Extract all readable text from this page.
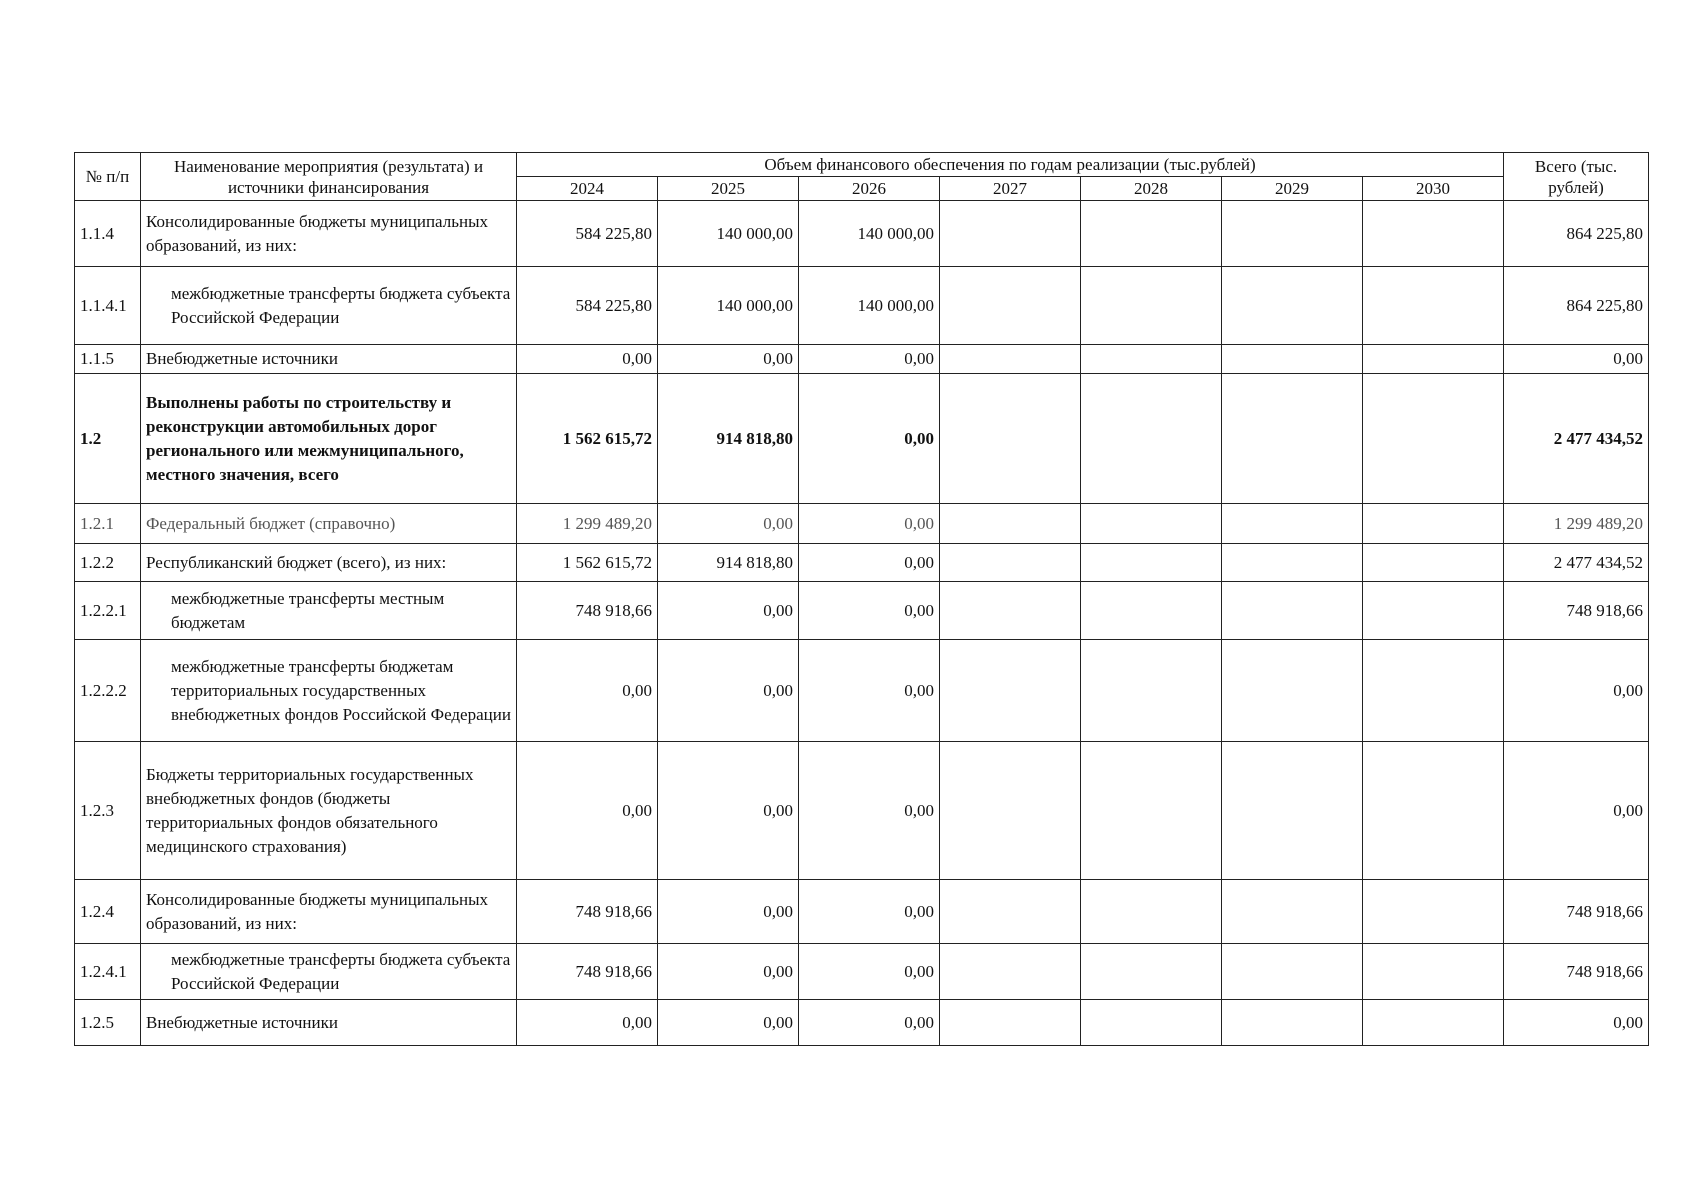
№ п/п	Наименование мероприятия (результата) и источники финансирования	Объем финансового обеспечения по годам реализации (тыс.рублей)							Всего (тыс. рублей)
		2024	2025	2026	2027	2028	2029	2030	
1.1.4	Консолидированные бюджеты муниципальных образований, из них:	584 225,80	140 000,00	140 000,00					864 225,80
1.1.4.1	межбюджетные трансферты бюджета субъекта Российской Федерации	584 225,80	140 000,00	140 000,00					864 225,80
1.1.5	Внебюджетные источники	0,00	0,00	0,00					0,00
1.2	Выполнены работы по строительству и реконструкции автомобильных дорог регионального или межмуниципального, местного значения, всего	1 562 615,72	914 818,80	0,00					2 477 434,52
1.2.1	Федеральный бюджет (справочно)	1 299 489,20	0,00	0,00					1 299 489,20
1.2.2	Республиканский бюджет (всего), из них:	1 562 615,72	914 818,80	0,00					2 477 434,52
1.2.2.1	межбюджетные трансферты местным бюджетам	748 918,66	0,00	0,00					748 918,66
1.2.2.2	межбюджетные трансферты бюджетам территориальных государственных внебюджетных фондов Российской Федерации	0,00	0,00	0,00					0,00
1.2.3	Бюджеты территориальных государственных внебюджетных фондов (бюджеты территориальных фондов обязательного медицинского страхования)	0,00	0,00	0,00					0,00
1.2.4	Консолидированные бюджеты муниципальных образований, из них:	748 918,66	0,00	0,00					748 918,66
1.2.4.1	межбюджетные трансферты бюджета субъекта Российской Федерации	748 918,66	0,00	0,00					748 918,66
1.2.5	Внебюджетные источники	0,00	0,00	0,00					0,00
